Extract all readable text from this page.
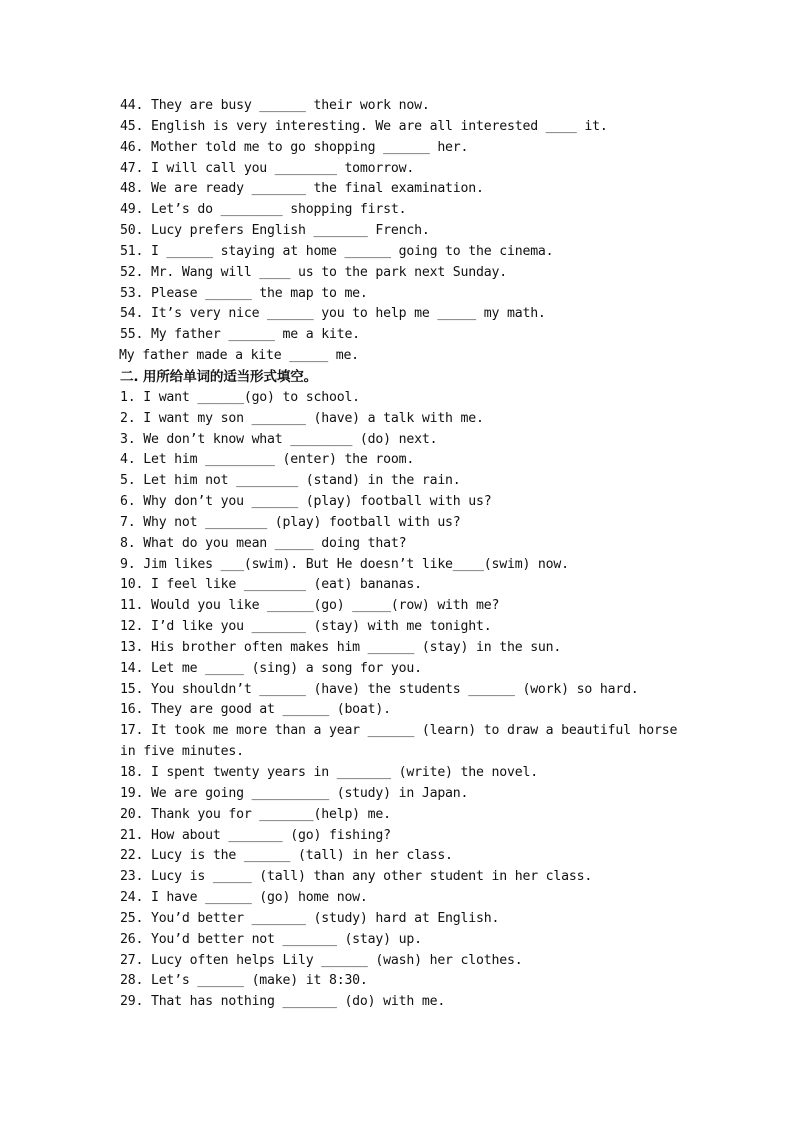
44. They are busy ______ their work now.
45. English is very interesting. We are all interested ____ it.
46. Mother told me to go shopping ______ her.
47. I will call you ________ tomorrow.
48. We are ready _______ the final examination.
49. Let’s do ________ shopping first.
50. Lucy prefers English _______ French.
51. I ______ staying at home ______ going to the cinema.
52. Mr. Wang will ____ us to the park next Sunday.
53. Please ______ the map to me.
54. It’s very nice ______ you to help me _____ my math.
55. My father ______ me a kite.
My father made a kite _____ me.
二. 用所给单词的适当形式填空。
1. I want ______(go) to school.
2. I want my son _______ (have) a talk with me.
3. We don’t know what ________ (do) next.
4. Let him _________ (enter) the room.
5. Let him not ________ (stand) in the rain.
6. Why don’t you ______ (play) football with us?
7. Why not ________ (play) football with us?
8. What do you mean _____ doing that?
9. Jim likes ___(swim). But He doesn’t like____(swim) now.
10. I feel like ________ (eat) bananas.
11. Would you like ______(go) _____(row) with me?
12. I’d like you _______ (stay) with me tonight.
13. His brother often makes him ______ (stay) in the sun.
14. Let me _____ (sing) a song for you.
15. You shouldn’t ______ (have) the students ______ (work) so hard.
16. They are good at ______ (boat).
17. It took me more than a year ______ (learn) to draw a beautiful horse
in five minutes.
18. I spent twenty years in _______ (write) the novel.
19. We are going __________ (study) in Japan.
20. Thank you for _______(help) me.
21. How about _______ (go) fishing?
22. Lucy is the ______ (tall) in her class.
23. Lucy is _____ (tall) than any other student in her class.
24. I have ______ (go) home now.
25. You’d better _______ (study) hard at English.
26. You’d better not _______ (stay) up.
27. Lucy often helps Lily ______ (wash) her clothes.
28. Let’s ______ (make) it 8:30.
29. That has nothing _______ (do) with me.
